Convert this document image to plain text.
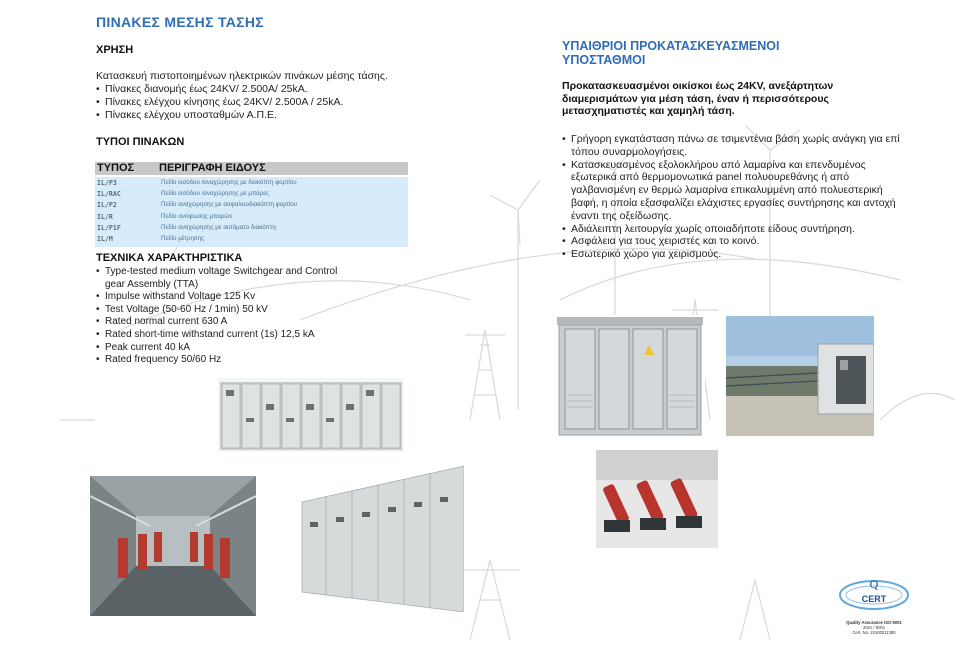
ΠΙΝΑΚΕΣ ΜΕΣΗΣ ΤΑΣΗΣ
ΧΡΗΣΗ
Κατασκευή πιστοποιημένων ηλεκτρικών πινάκων μέσης τάσης.
• Πίνακες διανομής έως 24KV/ 2.500Α/ 25kA.
• Πίνακες ελέγχου κίνησης έως 24KV/ 2.500Α / 25kA.
• Πίνακες ελέγχου υποσταθμών Α.Π.Ε.
ΤΥΠΟΙ ΠΙΝΑΚΩΝ
ΤΥΠΟΣ ΠΕΡΙΓΡΑΦΗ ΕΙΔΟΥΣ
IL/P3	Πεδίο εισόδου /αναχώρησης με διακόπτη φορτίου
IL/RAC	Πεδίο εισόδου /αναχώρησης με μπάρες
IL/P2	Πεδίο αναχώρησης με ασφαλειοδιακόπτη φορτίου
IL/R	Πεδίο ανύψωσης μπαρών
IL/P1F	Πεδίο αναχώρησης με αυτόματο διακόπτη
IL/M	Πεδίο μέτρησης
ΤΕΧΝΙΚΑ ΧΑΡΑΚΤΗΡΙΣΤΙΚΑ
• Type-tested medium voltage Switchgear and Control gear Assembly (TTA)
• Impulse withstand Voltage 125 Kv
• Test Voltage (50-60 Hz / 1min) 50 kV
• Rated normal current 630 A
• Rated short-time withstand current (1s) 12,5 kA
• Peak current 40 kA
• Rated frequency 50/60 Hz
ΥΠΑΙΘΡΙΟΙ ΠΡΟΚΑΤΑΣΚΕΥΑΣΜΕΝΟΙ
ΥΠΟΣΤΑΘΜΟΙ
Προκατασκευασμένοι οικίσκοι έως 24KV, ανεξάρτητων διαμερισμάτων για μέση τάση, έναν ή περισσότερους μετασχηματιστές και χαμηλή τάση.
• Γρήγορη εγκατάσταση πάνω σε τσιμεντένια βάση χωρίς ανάγκη για επί τόπου συναρμολογήσεις.
• Κατασκευασμένος εξολοκλήρου από λαμαρίνα και επενδυμένος εξωτερικά από θερμομονωτικά panel πολυουρεθάνης ή από γαλβανισμένη εν θερμώ λαμαρίνα επικαλυμμένη από πολυεστερική βαφή, η οποία εξασφαλίζει ελάχιστες εργασίες συντήρησης και αντοχή έναντι της οξείδωσης.
• Αδιάλειπτη λειτουργία χωρίς οποιαδήποτε είδους συντήρηση.
• Ασφάλεια για τους χειριστές και το κοινό.
• Εσωτερικό χώρο για χειρισμούς.
Q
CERT
Quality Assurance ISO 9001
2001 / 9001
Cert. No. 20100011380
